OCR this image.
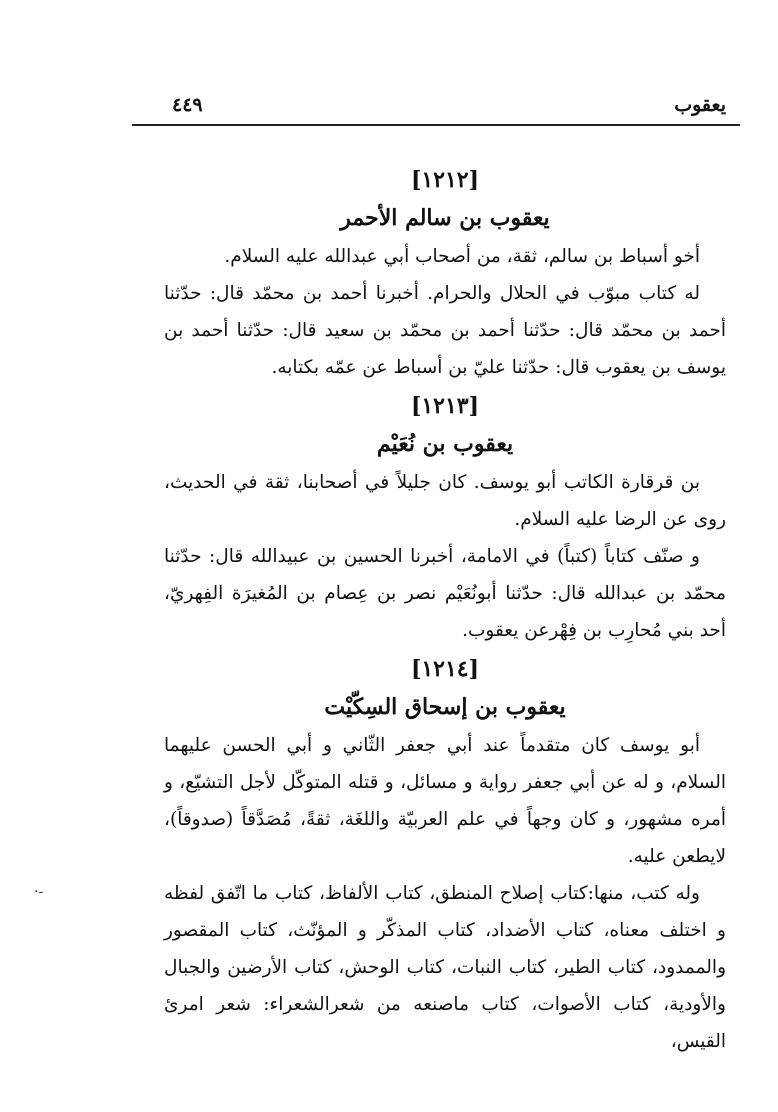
يعقوب
٤٤٩
[١٢١٢]
يعقوب بن سالم الأحمر

أخو أسباط بن سالم، ثقة، من أصحاب أبي عبدالله عليه السلام.

له كتاب مبوّب في الحلال والحرام. أخبرنا أحمد بن محمّد قال: حدّثنا أحمد بن محمّد قال: حدّثنا أحمد بن محمّد بن سعيد قال: حدّثنا أحمد بن يوسف بن يعقوب قال: حدّثنا عليّ بن أسباط عن عمّه بكتابه.

[١٢١٣]
يعقوب بن نُعَيْم

بن قرقارة الكاتب أبو يوسف. كان جليلاً في أصحابنا، ثقة في الحديث، روى عن الرضا عليه السلام.

و صنّف كتاباً (كتباً) في الامامة، أخبرنا الحسين بن عبيدالله قال: حدّثنا محمّد بن عبدالله قال: حدّثنا أبونُعَيْم نصر بن عِصام بن المُغيرَة الفِهريّ، أحد بني مُحارِب بن فِهْرعن يعقوب.

[١٢١٤]
يعقوب بن إسحاق السِكّيْت

أبو يوسف كان متقدماً عند أبي جعفر الثّاني و أبي الحسن عليهما السلام، و له عن أبي جعفر رواية و مسائل، و قتله المتوكّل لأجل التشيّع، و أمره مشهور، و كان وجهاً في علم العربيّة واللغَة، ثقةً، مُصَدَّقاً (صدوقاً)، لايطعن عليه.

وله كتب، منها:كتاب إصلاح المنطق، كتاب الألفاظ، كتاب ما اتّفق لفظه و اختلف معناه، كتاب الأضداد، كتاب المذكّر و المؤنّث، كتاب المقصور والممدود، كتاب الطير، كتاب النبات، كتاب الوحش، كتاب الأرضين والجبال والأودية، كتاب الأصوات، كتاب ماصنعه من شعرالشعراء: شعر امرئ القيس،

-·
